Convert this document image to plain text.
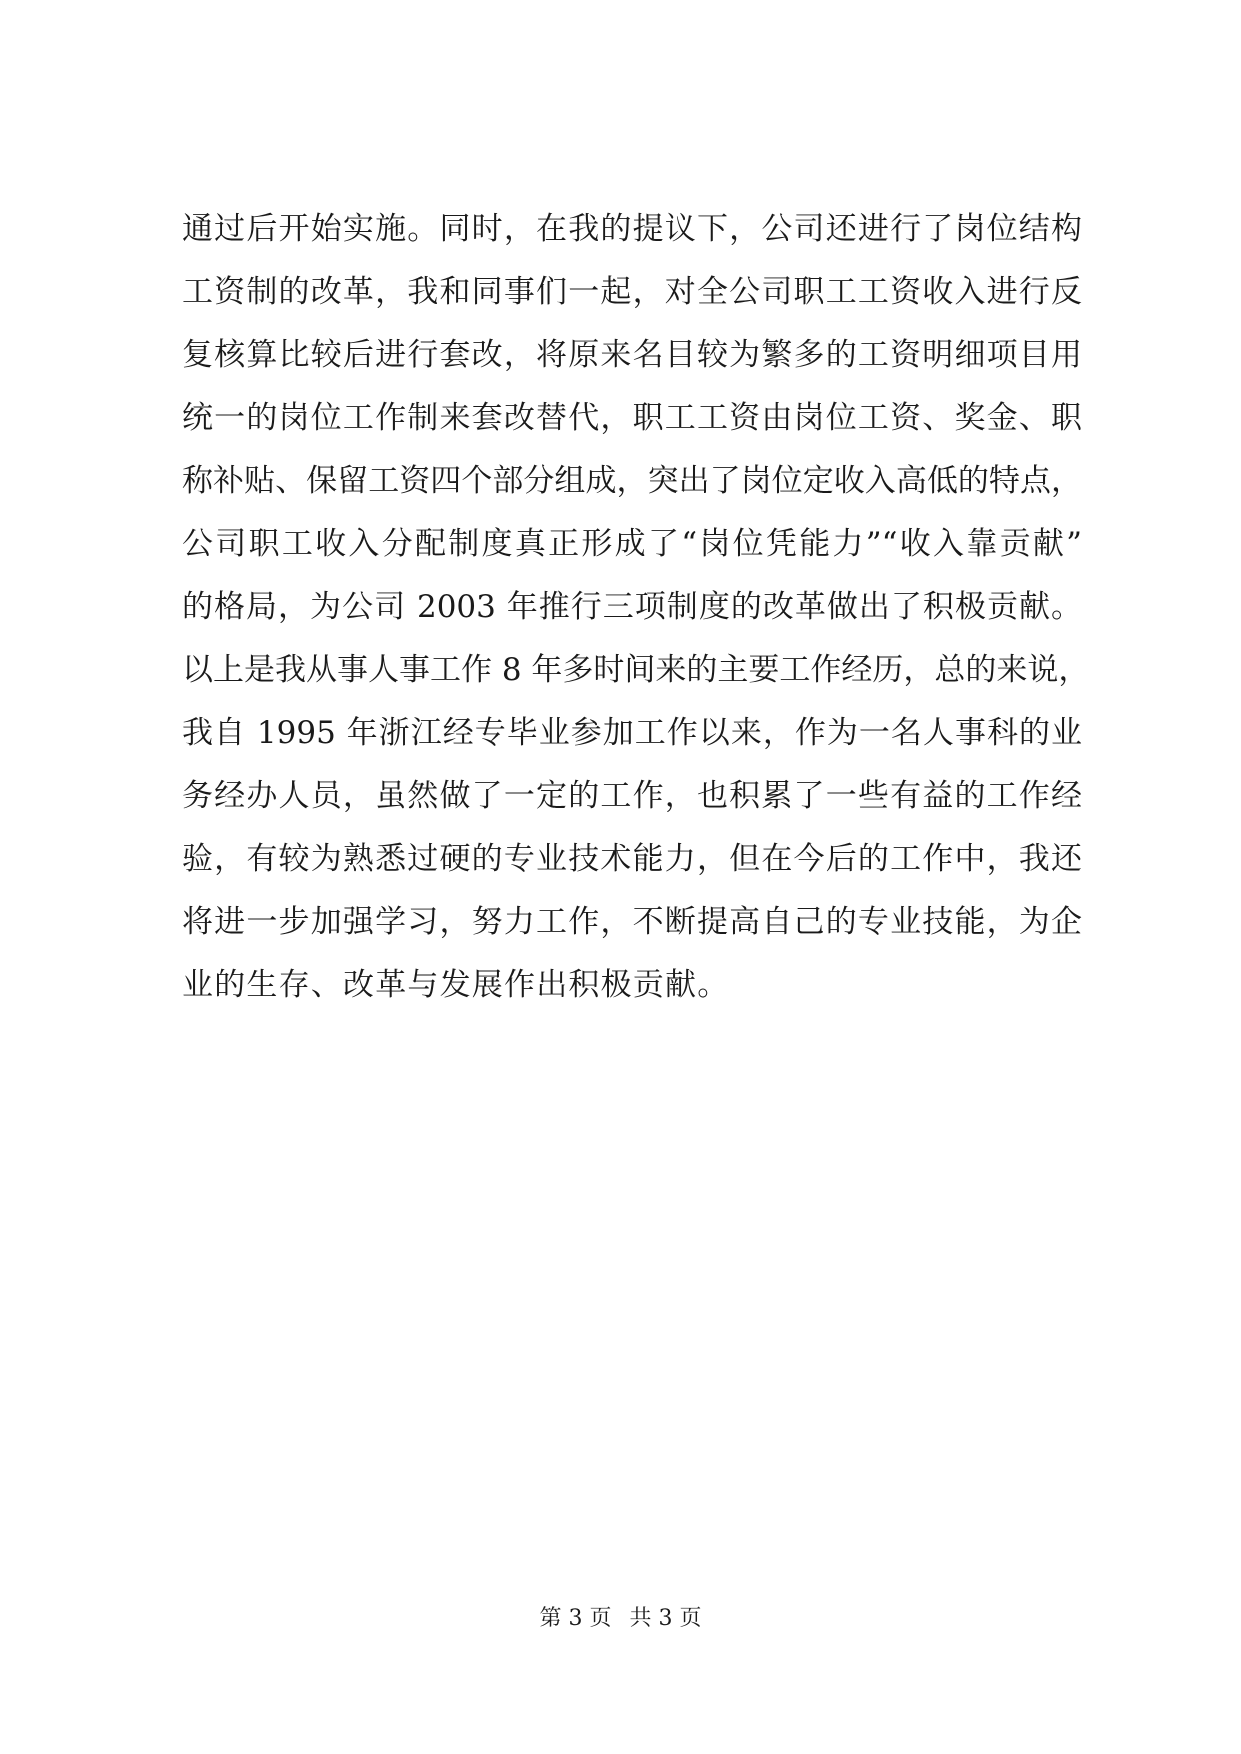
通过后开始实施。同时，在我的提议下，公司还进行了岗位结构
工资制的改革，我和同事们一起，对全公司职工工资收入进行反
复核算比较后进行套改，将原来名目较为繁多的工资明细项目用
统一的岗位工作制来套改替代，职工工资由岗位工资、奖金、职
称补贴、保留工资四个部分组成，突出了岗位定收入高低的特点，
公司职工收入分配制度真正形成了“岗位凭能力”“收入靠贡献”
的格局，为公司 2003 年推行三项制度的改革做出了积极贡献。
以上是我从事人事工作 8 年多时间来的主要工作经历，总的来说，
我自 1995 年浙江经专毕业参加工作以来，作为一名人事科的业
务经办人员，虽然做了一定的工作，也积累了一些有益的工作经
验，有较为熟悉过硬的专业技术能力，但在今后的工作中，我还
将进一步加强学习，努力工作，不断提高自己的专业技能，为企
业的生存、改革与发展作出积极贡献。
第 3 页 共 3 页
